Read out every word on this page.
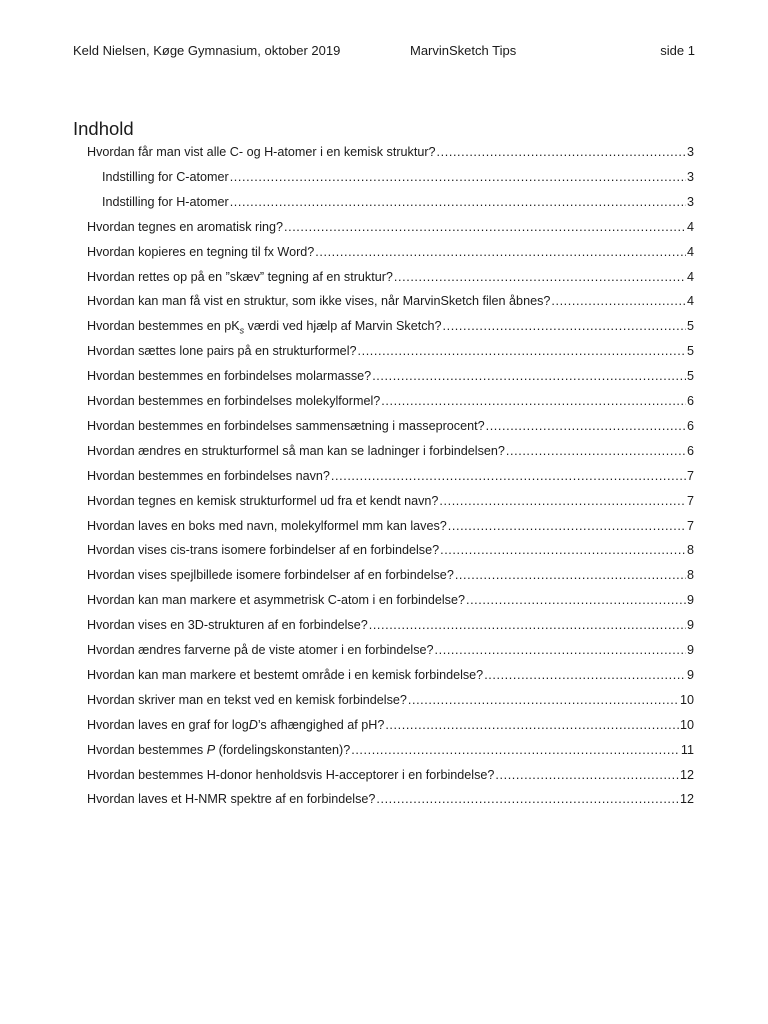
Keld Nielsen, Køge Gymnasium, oktober 2019	MarvinSketch Tips	side 1
Indhold
Hvordan får man vist alle C- og H-atomer i en kemisk struktur? .....	3
Indstilling for C-atomer .....	3
Indstilling for H-atomer .....	3
Hvordan tegnes en aromatisk ring? .....	4
Hvordan kopieres en tegning til fx Word? .....	4
Hvordan rettes op på en ”skæv” tegning af en struktur? .....	4
Hvordan kan man få vist en struktur, som ikke vises, når MarvinSketch filen åbnes? .....	4
Hvordan bestemmes en $pK_s$ værdi ved hjælp af Marvin Sketch? .....	5
Hvordan sættes lone pairs på en strukturformel? .....	5
Hvordan bestemmes en forbindelses molarmasse? .....	5
Hvordan bestemmes en forbindelses molekylformel? .....	6
Hvordan bestemmes en forbindelses sammensætning i masseprocent? .....	6
Hvordan ændres en strukturformel så man kan se ladninger i forbindelsen? .....	6
Hvordan bestemmes en forbindelses navn? .....	7
Hvordan tegnes en kemisk strukturformel ud fra et kendt navn? .....	7
Hvordan laves en boks med navn, molekylformel mm kan laves? .....	7
Hvordan vises cis-trans isomere forbindelser af en forbindelse? .....	8
Hvordan vises spejlbillede isomere forbindelser af en forbindelse? .....	8
Hvordan kan man markere et asymmetrisk C-atom i en forbindelse? .....	9
Hvordan vises en 3D-strukturen af en forbindelse? .....	9
Hvordan ændres farverne på de viste atomer i en forbindelse? .....	9
Hvordan kan man markere et bestemt område i en kemisk forbindelse? .....	9
Hvordan skriver man en tekst ved en kemisk forbindelse? .....	10
Hvordan laves en graf for logD’s afhængighed af pH? .....	10
Hvordan bestemmes P (fordelingskonstanten)? .....	11
Hvordan bestemmes H-donor henholdsvis H-acceptorer i en forbindelse? .....	12
Hvordan laves et H-NMR spektre af en forbindelse? .....	12
